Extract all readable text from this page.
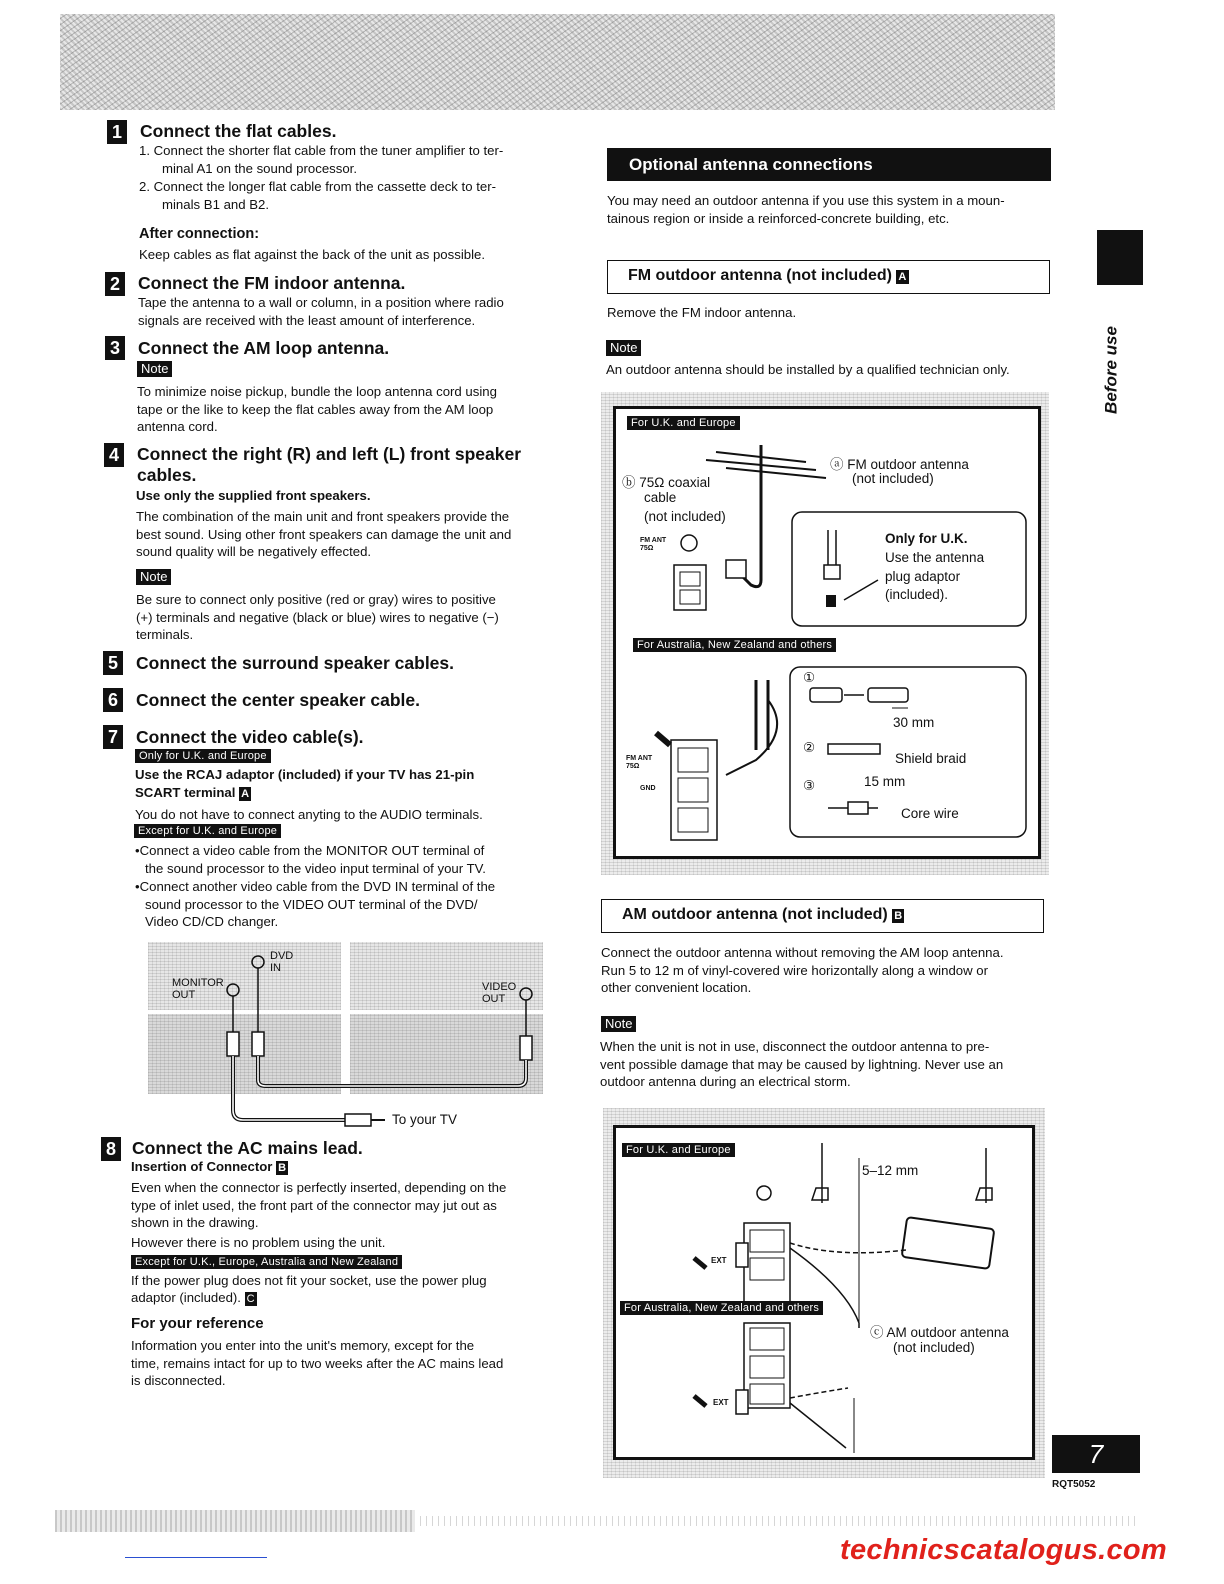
1 Connect the flat cables.
1. Connect the shorter flat cable from the tuner amplifier to ter-
minal A1 on the sound processor.
2. Connect the longer flat cable from the cassette deck to ter-
minals B1 and B2.
After connection:
Keep cables as flat against the back of the unit as possible.
2 Connect the FM indoor antenna.
Tape the antenna to a wall or column, in a position where radio
signals are received with the least amount of interference.
3 Connect the AM loop antenna.
Note
To minimize noise pickup, bundle the loop antenna cord using
tape or the like to keep the flat cables away from the AM loop
antenna cord.
4 Connect the right (R) and left (L) front speaker
cables.
Use only the supplied front speakers.
The combination of the main unit and front speakers provide the
best sound. Using other front speakers can damage the unit and
sound quality will be negatively effected.
Note
Be sure to connect only positive (red or gray) wires to positive
(+) terminals and negative (black or blue) wires to negative (−)
terminals.
5 Connect the surround speaker cables.
6 Connect the center speaker cable.
7 Connect the video cable(s).
Only for U.K. and Europe
Use the RCAJ adaptor (included) if your TV has 21-pin
SCART terminal A
You do not have to connect anyting to the AUDIO terminals.
Except for U.K. and Europe
•Connect a video cable from the MONITOR OUT terminal of
the sound processor to the video input terminal of your TV.
•Connect another video cable from the DVD IN terminal of the
sound processor to the VIDEO OUT terminal of the DVD/
Video CD/CD changer.
DVD
IN
MONITOR
OUT
VIDEO
OUT
To your TV
8 Connect the AC mains lead.
Insertion of Connector B
Even when the connector is perfectly inserted, depending on the
type of inlet used, the front part of the connector may jut out as
shown in the drawing.
However there is no problem using the unit.
Except for U.K., Europe, Australia and New Zealand
If the power plug does not fit your socket, use the power plug
adaptor (included). C
For your reference
Information you enter into the unit's memory, except for the
time, remains intact for up to two weeks after the AC mains lead
is disconnected.
Optional antenna connections
You may need an outdoor antenna if you use this system in a moun-
tainous region or inside a reinforced-concrete building, etc.
FM outdoor antenna (not included) A
Remove the FM indoor antenna.
Note
An outdoor antenna should be installed by a qualified technician only.
For U.K. and Europe
ⓐ FM outdoor antenna
(not included)
ⓑ 75Ω coaxial
cable
(not included)
FM ANT
75Ω
Only for U.K.
Use the antenna
plug adaptor
(included).
For Australia, New Zealand and others
FM ANT
75Ω
GND
①
30 mm
②
Shield braid
③	15 mm
Core wire
AM outdoor antenna (not included) B
Connect the outdoor antenna without removing the AM loop antenna.
Run 5 to 12 m of vinyl-covered wire horizontally along a window or
other convenient location.
Note
When the unit is not in use, disconnect the outdoor antenna to pre-
vent possible damage that may be caused by lightning. Never use an
outdoor antenna during an electrical storm.
For U.K. and Europe
5–12 mm
EXT
For Australia, New Zealand and others
ⓒ AM outdoor antenna
(not included)
EXT
Before use
7
RQT5052
technicscatalogus.com
